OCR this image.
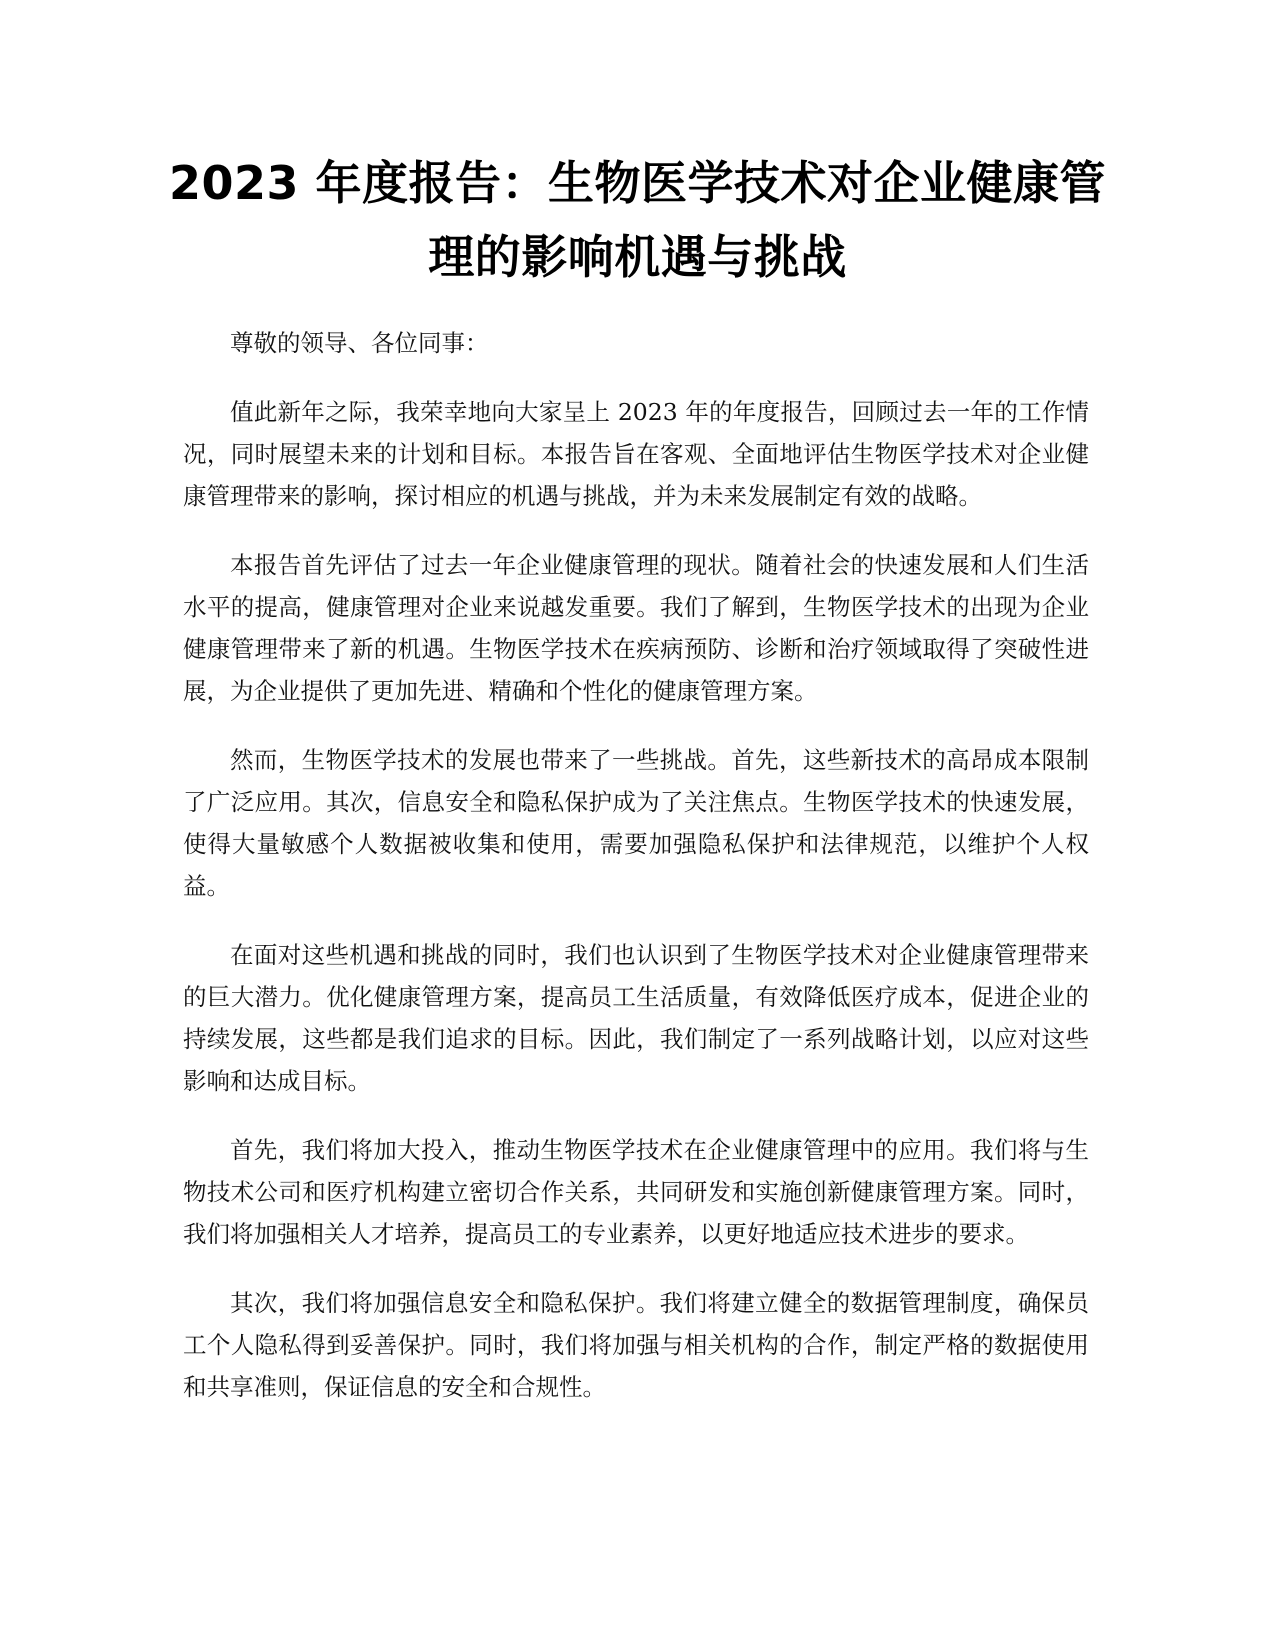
2023 年度报告：生物医学技术对企业健康管理的影响机遇与挑战

尊敬的领导、各位同事：

值此新年之际，我荣幸地向大家呈上 2023 年的年度报告，回顾过去一年的工作情况，同时展望未来的计划和目标。本报告旨在客观、全面地评估生物医学技术对企业健康管理带来的影响，探讨相应的机遇与挑战，并为未来发展制定有效的战略。

本报告首先评估了过去一年企业健康管理的现状。随着社会的快速发展和人们生活水平的提高，健康管理对企业来说越发重要。我们了解到，生物医学技术的出现为企业健康管理带来了新的机遇。生物医学技术在疾病预防、诊断和治疗领域取得了突破性进展，为企业提供了更加先进、精确和个性化的健康管理方案。

然而，生物医学技术的发展也带来了一些挑战。首先，这些新技术的高昂成本限制了广泛应用。其次，信息安全和隐私保护成为了关注焦点。生物医学技术的快速发展，使得大量敏感个人数据被收集和使用，需要加强隐私保护和法律规范，以维护个人权益。

在面对这些机遇和挑战的同时，我们也认识到了生物医学技术对企业健康管理带来的巨大潜力。优化健康管理方案，提高员工生活质量，有效降低医疗成本，促进企业的持续发展，这些都是我们追求的目标。因此，我们制定了一系列战略计划，以应对这些影响和达成目标。

首先，我们将加大投入，推动生物医学技术在企业健康管理中的应用。我们将与生物技术公司和医疗机构建立密切合作关系，共同研发和实施创新健康管理方案。同时，我们将加强相关人才培养，提高员工的专业素养，以更好地适应技术进步的要求。

其次，我们将加强信息安全和隐私保护。我们将建立健全的数据管理制度，确保员工个人隐私得到妥善保护。同时，我们将加强与相关机构的合作，制定严格的数据使用和共享准则，保证信息的安全和合规性。
